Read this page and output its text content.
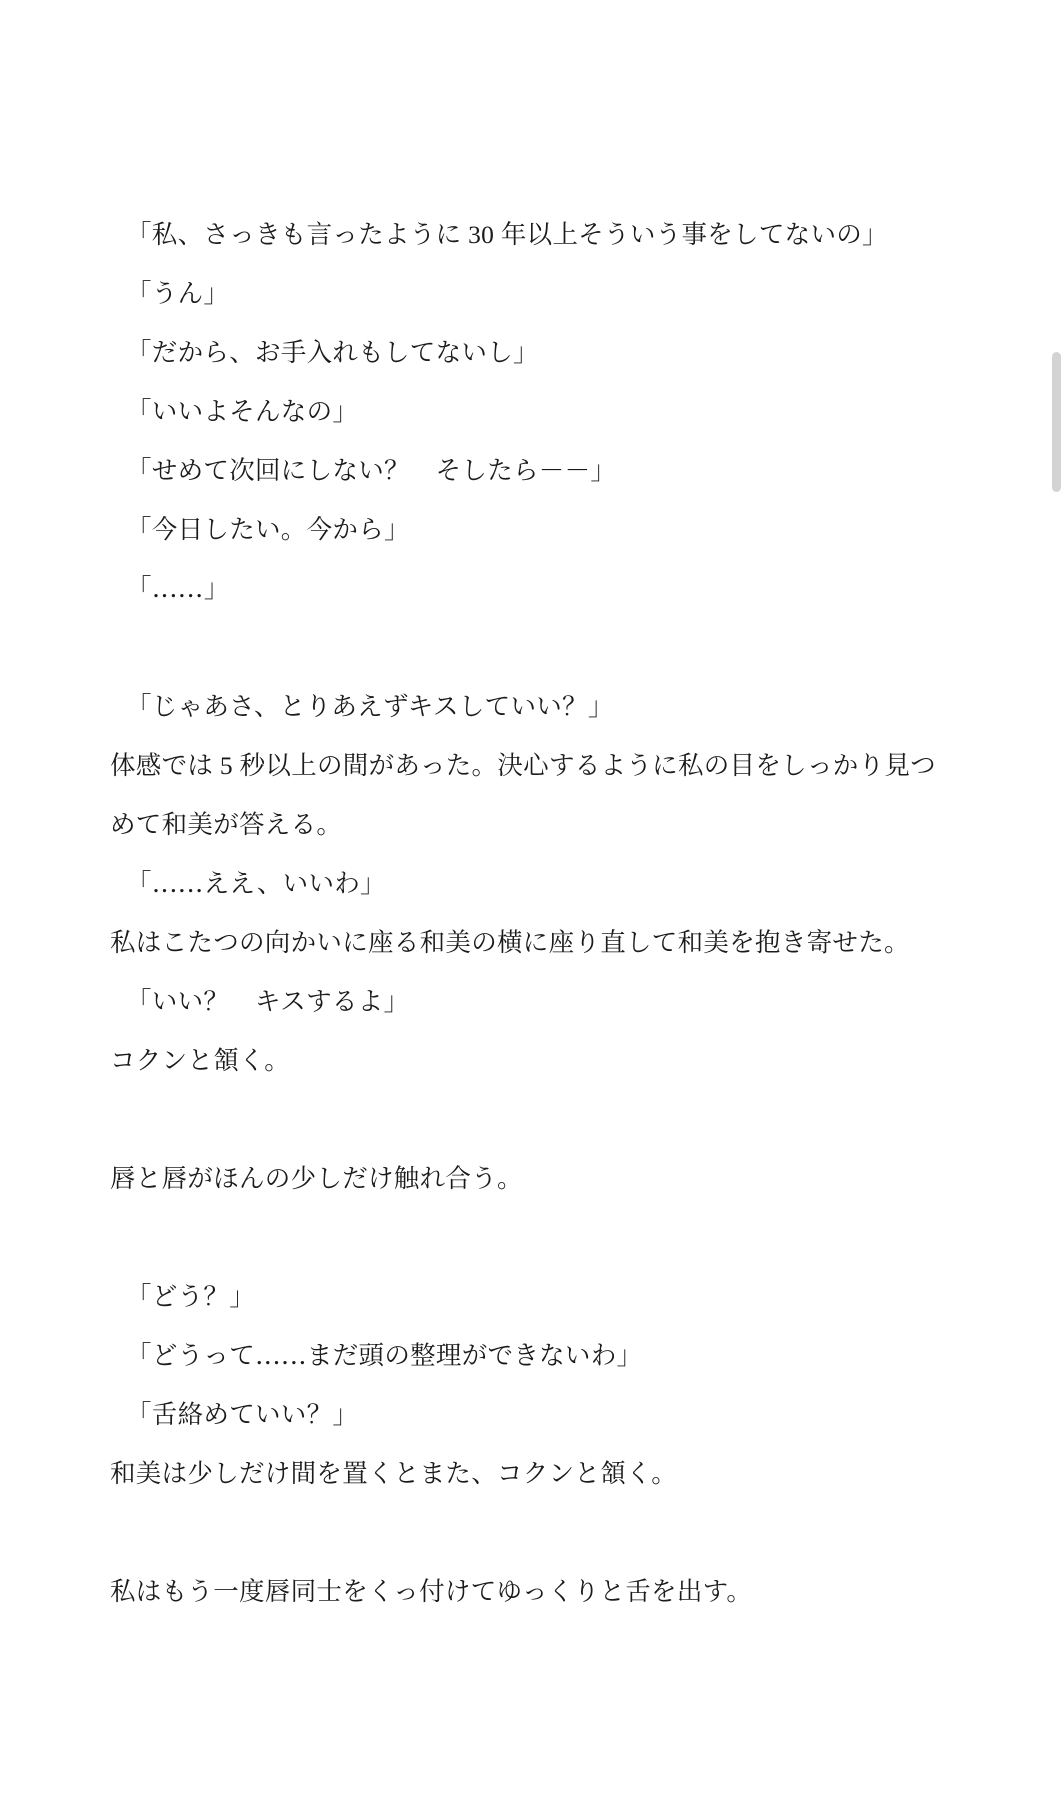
「私、さっきも言ったように 30 年以上そういう事をしてないの」
「うん」
「だから、お手入れもしてないし」
「いいよそんなの」
「せめて次回にしない？　そしたら－－」
「今日したい。今から」
「‥‥‥」
「じゃあさ、とりあえずキスしていい？」
体感では 5 秒以上の間があった。決心するように私の目をしっかり見つめて和美が答える。
「‥‥‥ええ、いいわ」
私はこたつの向かいに座る和美の横に座り直して和美を抱き寄せた。
「いい？　キスするよ」
コクンと頷く。
唇と唇がほんの少しだけ触れ合う。
「どう？」
「どうって‥‥‥まだ頭の整理ができないわ」
「舌絡めていい？」
和美は少しだけ間を置くとまた、コクンと頷く。
私はもう一度唇同士をくっ付けてゆっくりと舌を出す。
